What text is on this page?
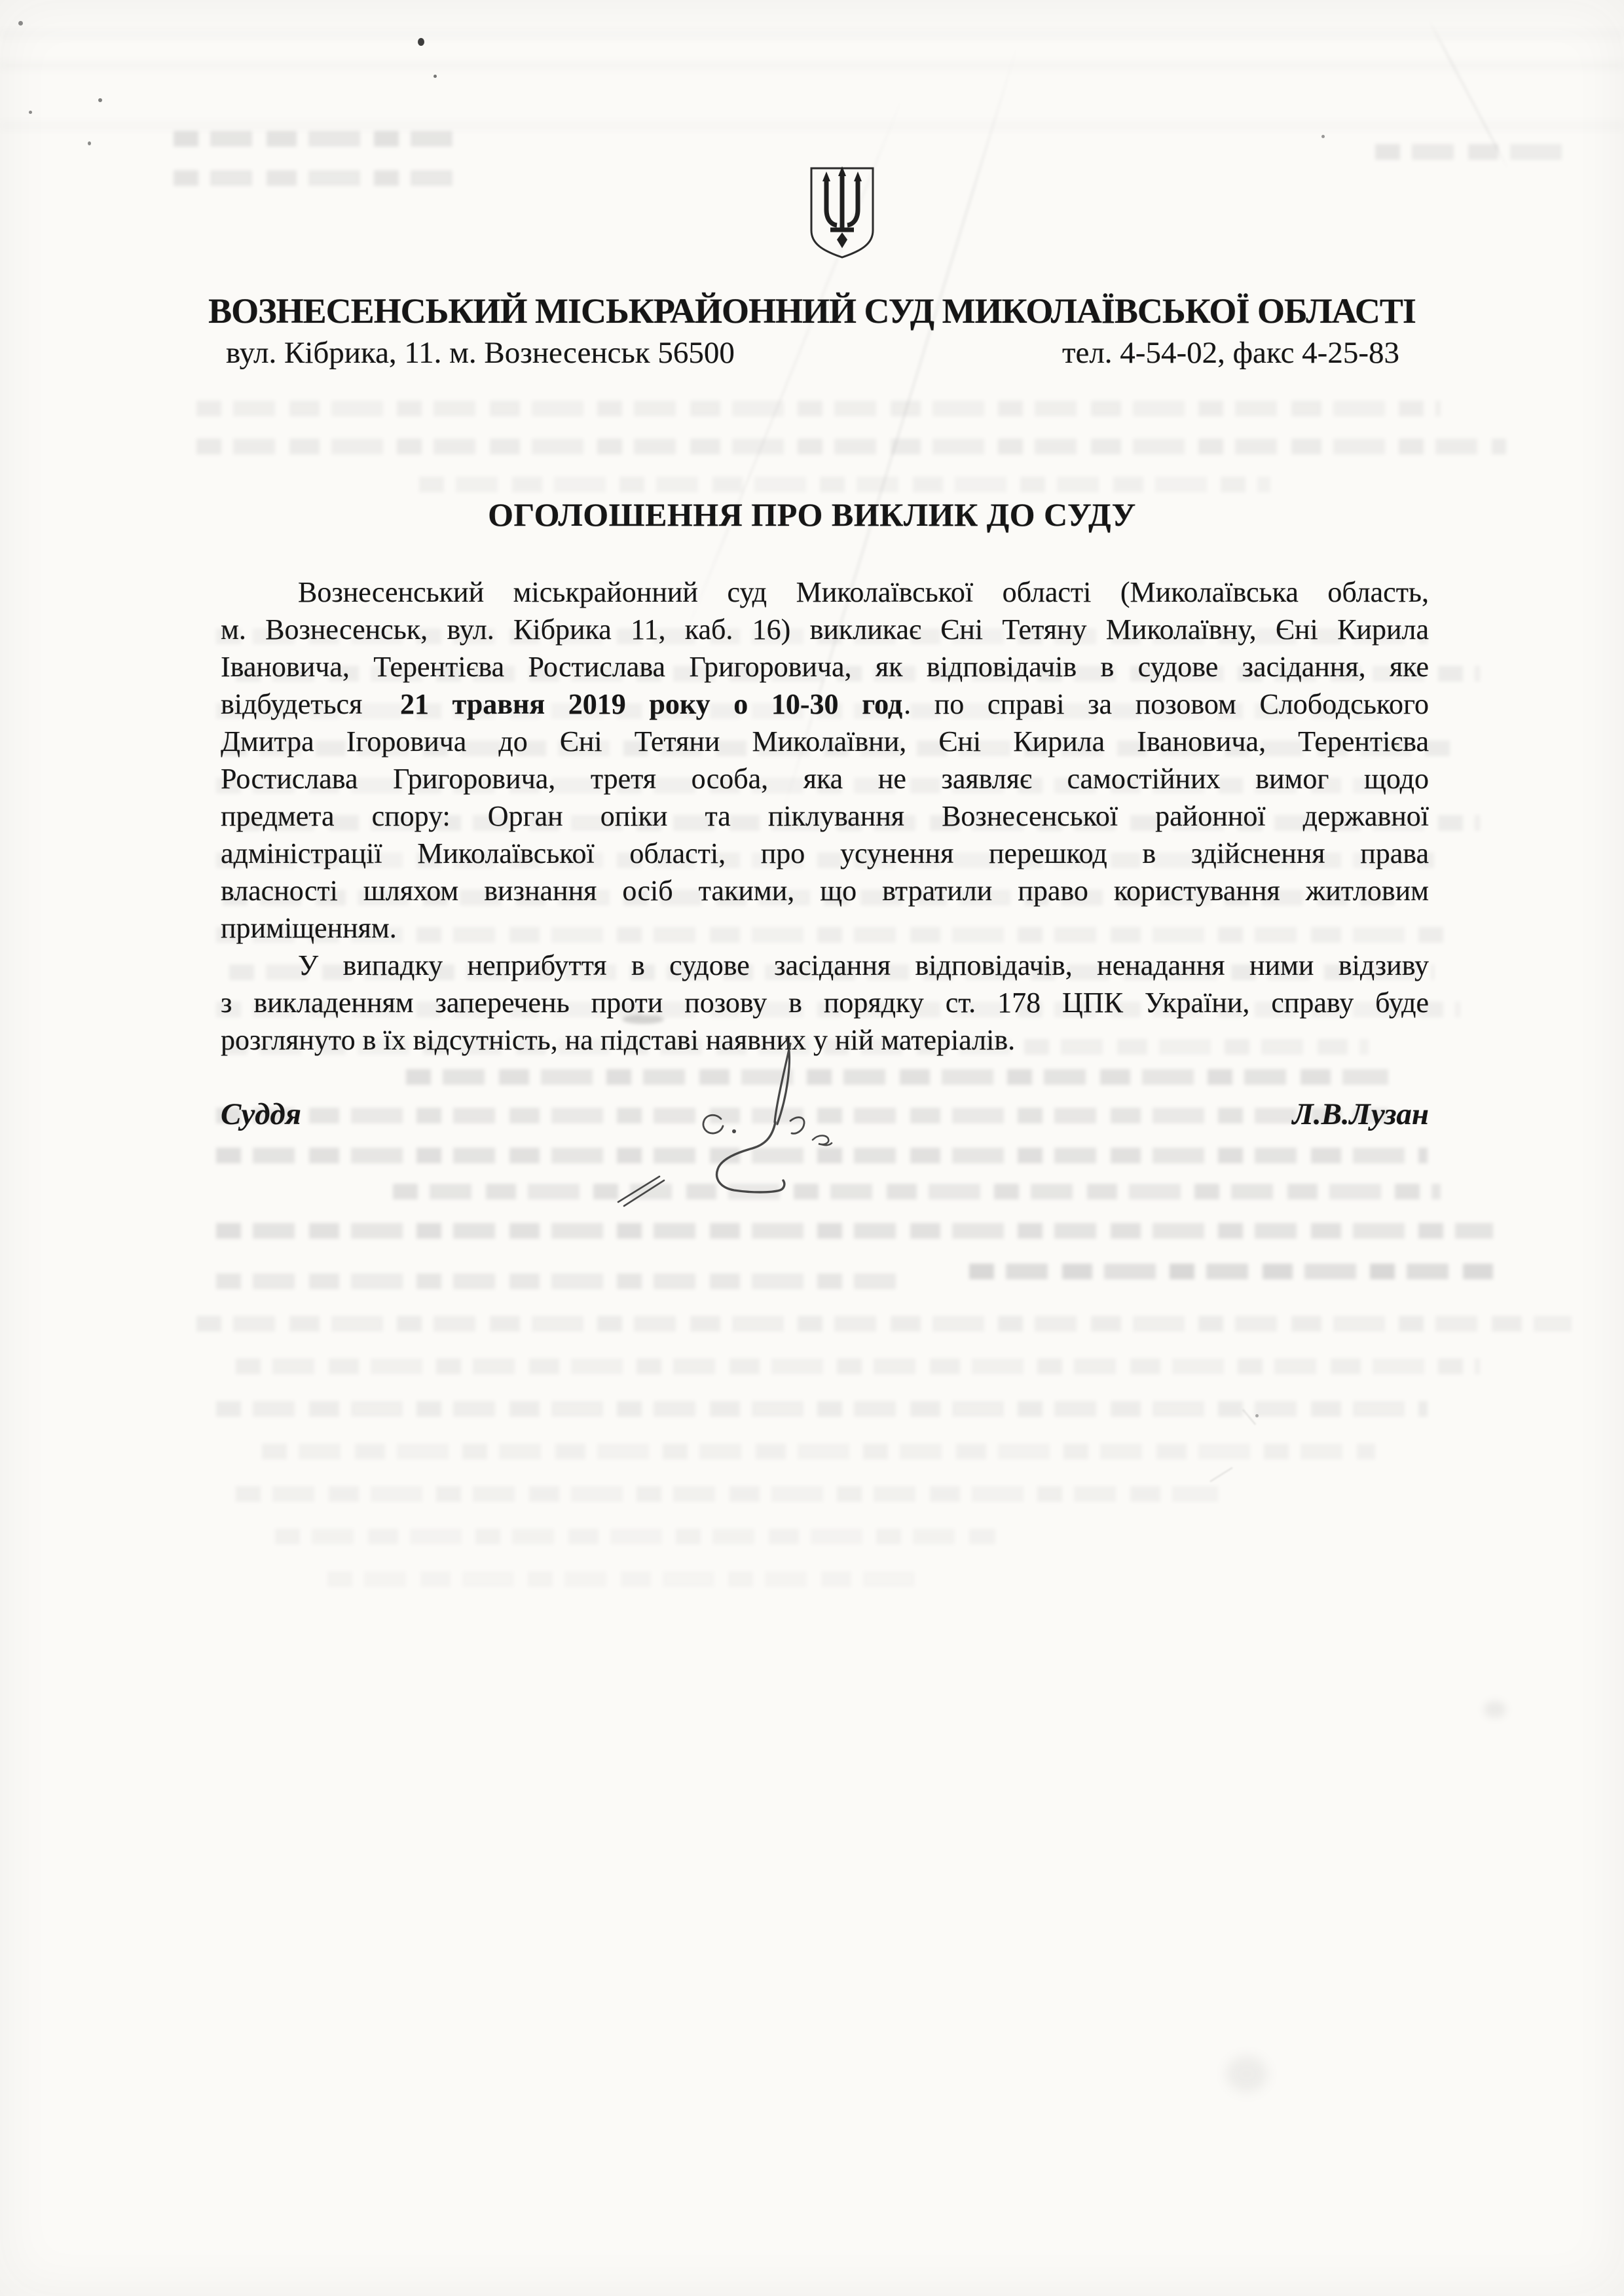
ВОЗНЕСЕНСЬКИЙ МІСЬКРАЙОННИЙ СУД МИКОЛАЇВСЬКОЇ ОБЛАСТІ
вул. Кібрика, 11. м. Вознесенськ 56500	тел. 4-54-02, факс 4-25-83
ОГОЛОШЕННЯ ПРО ВИКЛИК ДО СУДУ
Вознесенський міськрайонний суд Миколаївської області (Миколаївська область,
м. Вознесенськ, вул. Кібрика 11, каб. 16) викликає Єні Тетяну Миколаївну, Єні Кирила
Івановича, Терентієва Ростислава Григоровича, як відповідачів в судове засідання, яке
відбудеться 21 травня 2019 року о 10-30 год. по справі за позовом Слободського
Дмитра Ігоровича до Єні Тетяни Миколаївни, Єні Кирила Івановича, Терентієва
Ростислава Григоровича, третя особа, яка не заявляє самостійних вимог щодо
предмета спору: Орган опіки та піклування Вознесенської районної державної
адміністрації Миколаївської області, про усунення перешкод в здійснення права
власності шляхом визнання осіб такими, що втратили право користування житловим
приміщенням.
У випадку неприбуття в судове засідання відповідачів, ненадання ними відзиву
з викладенням заперечень проти позову в порядку ст. 178 ЦПК України, справу буде
розглянуто в їх відсутність, на підставі наявних у ній матеріалів.
Суддя	Л.В.Лузан
